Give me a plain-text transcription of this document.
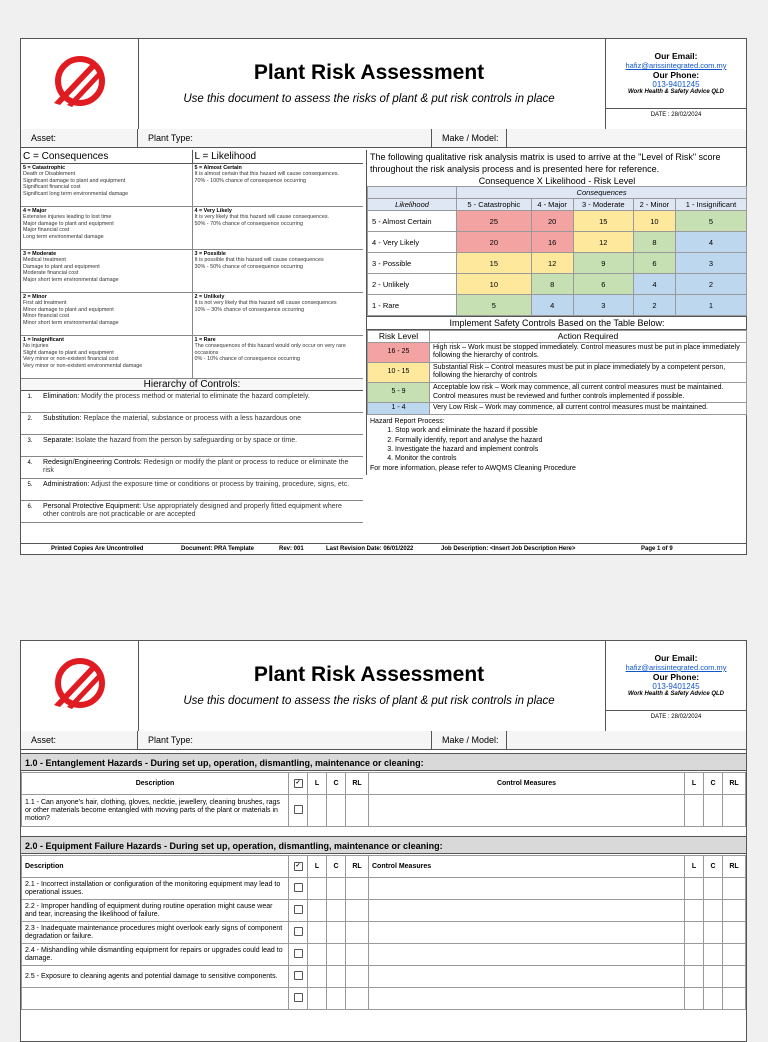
Plant Risk Assessment
Use this document to assess the risks of plant & put risk controls in place
Our Email:
hafiz@arissintegrated.com.my
Our Phone:
013-9401245
Work Health & Safety Advice QLD
DATE : 28/02/2024
Asset:	Plant Type:	Make / Model:
C = Consequences	L = Likelihood
5 = Catastrophic
Death or Disablement
Significant damage to plant and equipment
Significant financial cost
Significant long term environmental damage
5 = Almost Certain
It is almost certain that this hazard will cause consequences.
70% - 100% chance of consequence occurring
4 = Major
Extensive injuries leading to lost time
Major damage to plant and equipment
Major financial cost
Long term environmental damage
4 = Very Likely
It is very likely that this hazard will cause consequences.
50% - 70% chance of consequence occurring
3 = Moderate
Medical treatment
Damage to plant and equipment
Moderate financial cost
Major short term environmental damage
3 = Possible
It is possible that this hazard will cause consequences
30% - 50% chance of consequence occurring
2 = Minor
First aid treatment
Minor damage to plant and equipment
Minor financial cost
Minor short term environmental damage
2 = Unlikely
It is not very likely that this hazard will cause consequences
10% – 30% chance of consequence occurring
1 = Insignificant
No injuries
Slight damage to plant and equipment
Very minor or non-existent financial cost
Very minor or non-existent environmental damage
1 = Rare
The consequences of this hazard would only occur on very rare occasions
0% - 10% chance of consequence occurring
Hierarchy of Controls:
1.	Elimination: Modify the process method or material to eliminate the hazard completely.
2.	Substitution: Replace the material, substance or process with a less hazardous one
3.	Separate: Isolate the hazard from the person by safeguarding or by space or time.
4.	Redesign/Engineering Controls: Redesign or modify the plant or process to reduce or eliminate the risk
5.	Administration: Adjust the exposure time or conditions or process by training, procedure, signs, etc.
6.	Personal Protective Equipment: Use appropriately designed and properly fitted equipment where other controls are not practicable or are accepted
The following qualitative risk analysis matrix is used to arrive at the "Level of Risk" score throughout the risk analysis process and is presented here for reference.
Consequence X Likelihood - Risk Level
	Consequences				
Likelihood	5 - Catastrophic	4 - Major	3 - Moderate	2 - Minor	1 - Insignificant
5 - Almost Certain	25	20	15	10	5
4 - Very Likely	20	16	12	8	4
3 - Possible	15	12	9	6	3
2 - Unlikely	10	8	6	4	2
1 - Rare	5	4	3	2	1
Implement Safety Controls Based on the Table Below:
Risk Level	Action Required
16 - 25	High risk – Work must be stopped immediately. Control measures must be put in place immediately following the hierarchy of controls.
10 - 15	Substantial Risk – Control measures must be put in place immediately by a competent person, following the hierarchy of controls
5 - 9	Acceptable low risk – Work may commence, all current control measures must be maintained. Control measures must be reviewed and further controls implemented if possible.
1 - 4	Very Low Risk – Work may commence, all current control measures must be maintained.
Hazard Report Process:
1. Stop work and eliminate the hazard if possible
2. Formally identify, report and analyse the hazard
3. Investigate the hazard and implement controls
4. Monitor the controls
For more information, please refer to AWQMS Cleaning Procedure
Printed Copies Are Uncontrolled	Document: PRA Template	Rev: 001	Last Revision Date: 06/01/2022	Job Description: <Insert Job Description Here>	Page 1 of 9
Plant Risk Assessment
Use this document to assess the risks of plant & put risk controls in place
Our Email:
hafiz@arissintegrated.com.my
Our Phone:
013-9401245
Work Health & Safety Advice QLD
DATE : 28/02/2024
Asset:	Plant Type:	Make / Model:
1.0 - Entanglement Hazards - During set up, operation, dismantling, maintenance or cleaning:
Description	✓	L	C	RL	Control Measures	L	C	RL
1.1 - Can anyone's hair, clothing, gloves, necktie, jewellery, cleaning brushes, rags or other materials become entangled with moving parts of the plant or materials in motion?								
2.0 - Equipment Failure Hazards - During set up, operation, dismantling, maintenance or cleaning:
Description	✓	L	C	RL	Control Measures	L	C	RL
2.1 - Incorrect installation or configuration of the monitoring equipment may lead to operational issues.								
2.2 - Improper handling of equipment during routine operation might cause wear and tear, increasing the likelihood of failure.								
2.3 - Inadequate maintenance procedures might overlook early signs of component degradation or failure.								
2.4 - Mishandling while dismantling equipment for repairs or upgrades could lead to damage.								
2.5 - Exposure to cleaning agents and potential damage to sensitive components.								
